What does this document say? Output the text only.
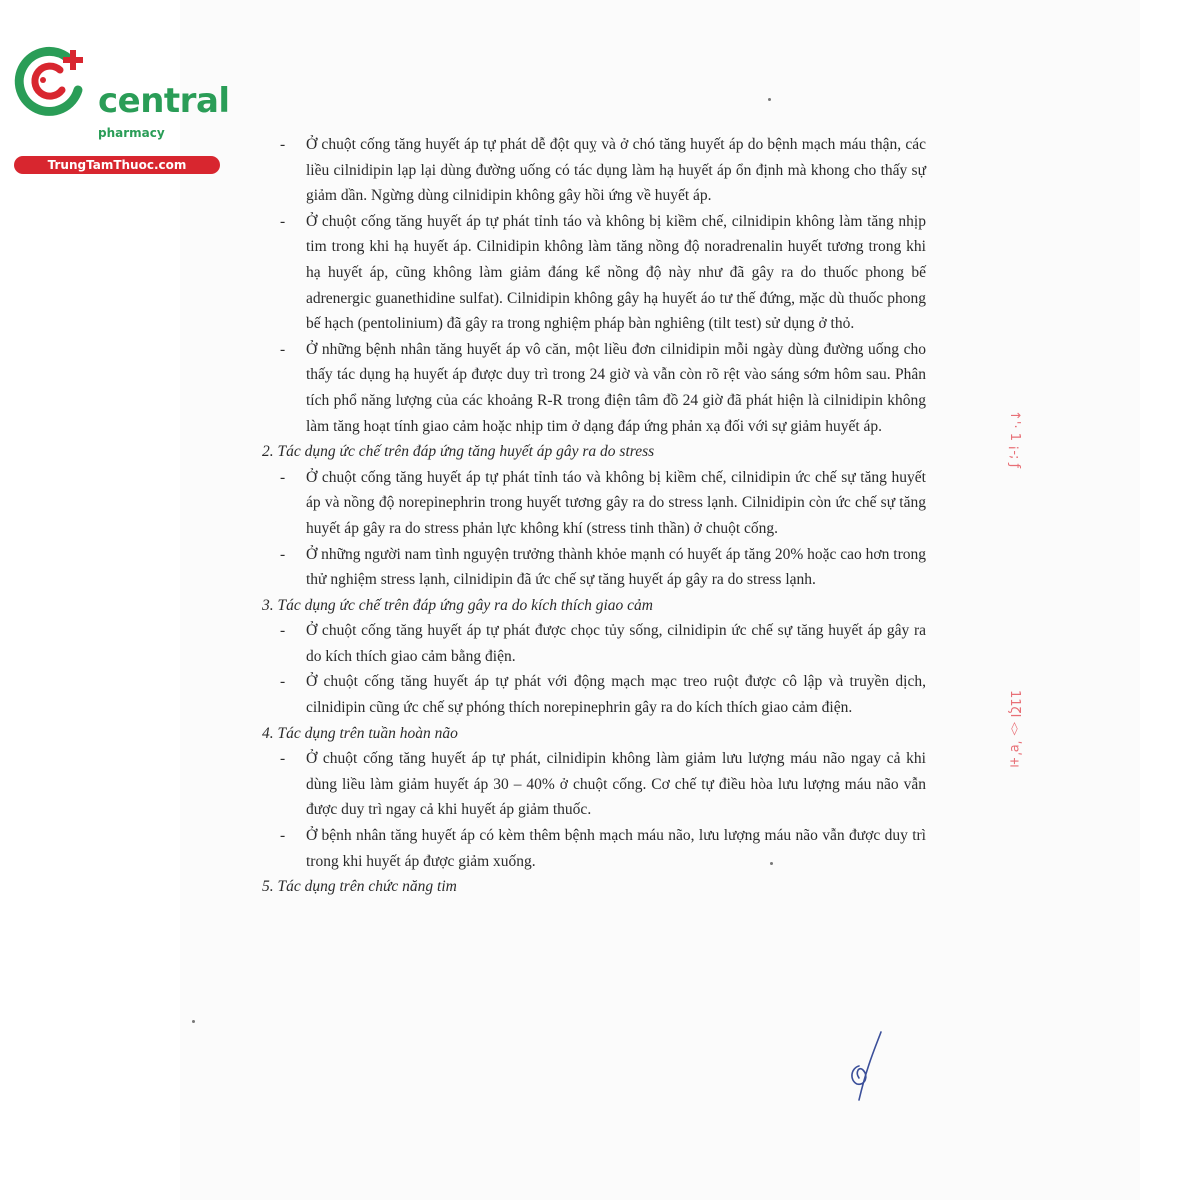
central
pharmacy
TrungTamThuoc.com
- Ở chuột cống tăng huyết áp tự phát dễ đột quỵ và ở chó tăng huyết áp do bệnh mạch máu thận, các liều cilnidipin lạp lại dùng đường uống có tác dụng làm hạ huyết áp ổn định mà khong cho thấy sự giảm dần. Ngừng dùng cilnidipin không gây hồi ứng về huyết áp.
- Ở chuột cống tăng huyết áp tự phát tỉnh táo và không bị kiềm chế, cilnidipin không làm tăng nhịp tim trong khi hạ huyết áp. Cilnidipin không làm tăng nồng độ noradrenalin huyết tương trong khi hạ huyết áp, cũng không làm giảm đáng kể nồng độ này như đã gây ra do thuốc phong bế adrenergic guanethidine sulfat). Cilnidipin không gây hạ huyết áo tư thế đứng, mặc dù thuốc phong bế hạch (pentolinium) đã gây ra trong nghiệm pháp bàn nghiêng (tilt test) sử dụng ở thỏ.
- Ở những bệnh nhân tăng huyết áp vô căn, một liều đơn cilnidipin mỗi ngày dùng đường uống cho thấy tác dụng hạ huyết áp được duy trì trong 24 giờ và vẫn còn rõ rệt vào sáng sớm hôm sau. Phân tích phổ năng lượng của các khoảng R-R trong điện tâm đồ 24 giờ đã phát hiện là cilnidipin không làm tăng hoạt tính giao cảm hoặc nhịp tim ở dạng đáp ứng phản xạ đối với sự giảm huyết áp.
2. Tác dụng ức chế trên đáp ứng tăng huyết áp gây ra do stress
- Ở chuột cống tăng huyết áp tự phát tỉnh táo và không bị kiềm chế, cilnidipin ức chế sự tăng huyết áp và nồng độ norepinephrin trong huyết tương gây ra do stress lạnh. Cilnidipin còn ức chế sự tăng huyết áp gây ra do stress phản lực không khí (stress tinh thần) ở chuột cống.
- Ở những người nam tình nguyện trưởng thành khỏe mạnh có huyết áp tăng 20% hoặc cao hơn trong thử nghiệm stress lạnh, cilnidipin đã ức chế sự tăng huyết áp gây ra do stress lạnh.
3. Tác dụng ức chế trên đáp ứng gây ra do kích thích giao cảm
- Ở chuột cống tăng huyết áp tự phát được chọc tủy sống, cilnidipin ức chế sự tăng huyết áp gây ra do kích thích giao cảm bằng điện.
- Ở chuột cống tăng huyết áp tự phát với động mạch mạc treo ruột được cô lập và truyền dịch, cilnidipin cũng ức chế sự phóng thích norepinephrin gây ra do kích thích giao cảm điện.
4. Tác dụng trên tuần hoàn não
- Ở chuột cống tăng huyết áp tự phát, cilnidipin không làm giảm lưu lượng máu não ngay cả khi dùng liều làm giảm huyết áp 30 – 40% ở chuột cống. Cơ chế tự điều hòa lưu lượng máu não vẫn được duy trì ngay cả khi huyết áp giảm thuốc.
- Ở bệnh nhân tăng huyết áp có kèm thêm bệnh mạch máu não, lưu lượng máu não vẫn được duy trì trong khi huyết áp được giảm xuống.
5. Tác dụng trên chức năng tim
↑'· 1 ¡-; ƒ
11ζI ◊ ʹɐʹ±
